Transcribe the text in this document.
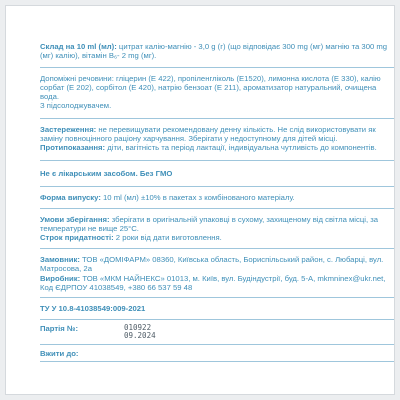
Склад на 10 ml (мл): цитрат калію-магнію - 3,0 g (г) (що відповідає 300 mg (мг) магнію та 300 mg (мг) калію), вітамін B₆- 2 mg (мг).

Допоміжні речовини: гліцерин (E 422), пропіленгліколь (E1520), лимонна кислота (E 330), калію сорбат (E 202), сорбітол (E 420), натрію бензоат (E 211), ароматизатор натуральний, очищена вода.

З підсолоджувачем.

Застереження: не перевищувати рекомендовану денну кількість. Не слід використовувати як заміну повноцінного раціону харчування. Зберігати у недоступному для дітей місці.

Протипоказання: діти, вагітність та період лактації, індивідуальна чутливість до компонентів.

Не є лікарським засобом. Без ГМО

Форма випуску: 10 ml (мл) ±10% в пакетах з комбінованого матеріалу.

Умови зберігання: зберігати в оригінальній упаковці в сухому, захищеному від світла місці, за температури не вище 25°С.

Строк придатності: 2 роки від дати виготовлення.

Замовник: ТОВ «ДОМІФАРМ» 08360, Київська область, Бориспільський район, с. Любарці, вул. Матросова, 2а

Виробник: ТОВ «МКМ НАЙНЕКС» 01013, м. Київ, вул. Будіндустрії, буд. 5-А, mkmninex@ukr.net, Код ЄДРПОУ 41038549, +380 66 537 59 48

ТУ У 10.8-41038549:009-2021

Партія №:	010922
09.2024

Вжити до:
